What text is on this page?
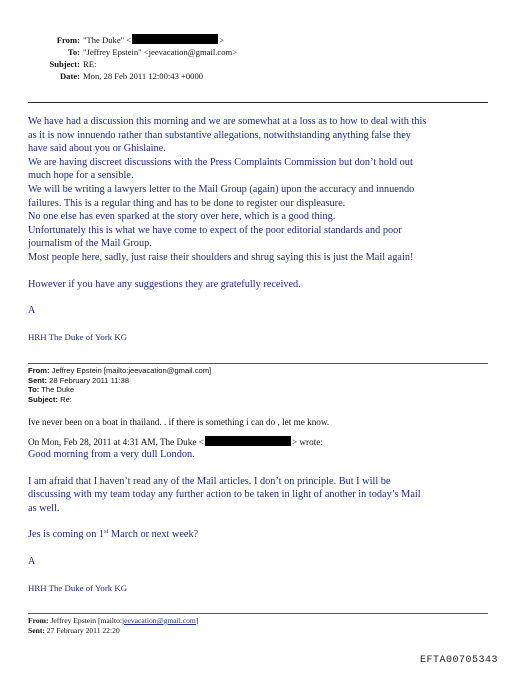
From: "The Duke" <	>
To: "Jeffrey Epstein" <jeevacation@gmail.com>
Subject: RE:
Date: Mon, 28 Feb 2011 12:00:43 +0000

We have had a discussion this morning and we are somewhat at a loss as to how to deal with this

as it is now innuendo rather than substantive allegations, notwithstanding anything false they

have said about you or Ghislaine.

We are having discreet discussions with the Press Complaints Commission but don’t hold out

much hope for a sensible.

We will be writing a lawyers letter to the Mail Group (again) upon the accuracy and innuendo

failures. This is a regular thing and has to be done to register our displeasure.

No one else has even sparked at the story over here, which is a good thing.

Unfortunately this is what we have come to expect of the poor editorial standards and poor

journalism of the Mail Group.

Most people here, sadly, just raise their shoulders and shrug saying this is just the Mail again!

However if you have any suggestions they are gratefully received.

A

HRH The Duke of York KG

From: Jeffrey Epstein [mailto:jeevacation@gmail.com]
Sent: 28 February 2011 11:38
To: The Duke
Subject: Re:
Ive never been on a boat in thailand. . if there is something i can do , let me know.
On Mon, Feb 28, 2011 at 4:31 AM, The Duke <	> wrote:

Good morning from a very dull London.

I am afraid that I haven’t read any of the Mail articles. I don’t on principle. But I will be

discussing with my team today any further action to be taken in light of another in today’s Mail

as well.

Jes is coming on 1st March or next week?

A

HRH The Duke of York KG

From: Jeffrey Epstein [mailto:jeevacation@gmail.com]
Sent: 27 February 2011 22:20
EFTA00705343
